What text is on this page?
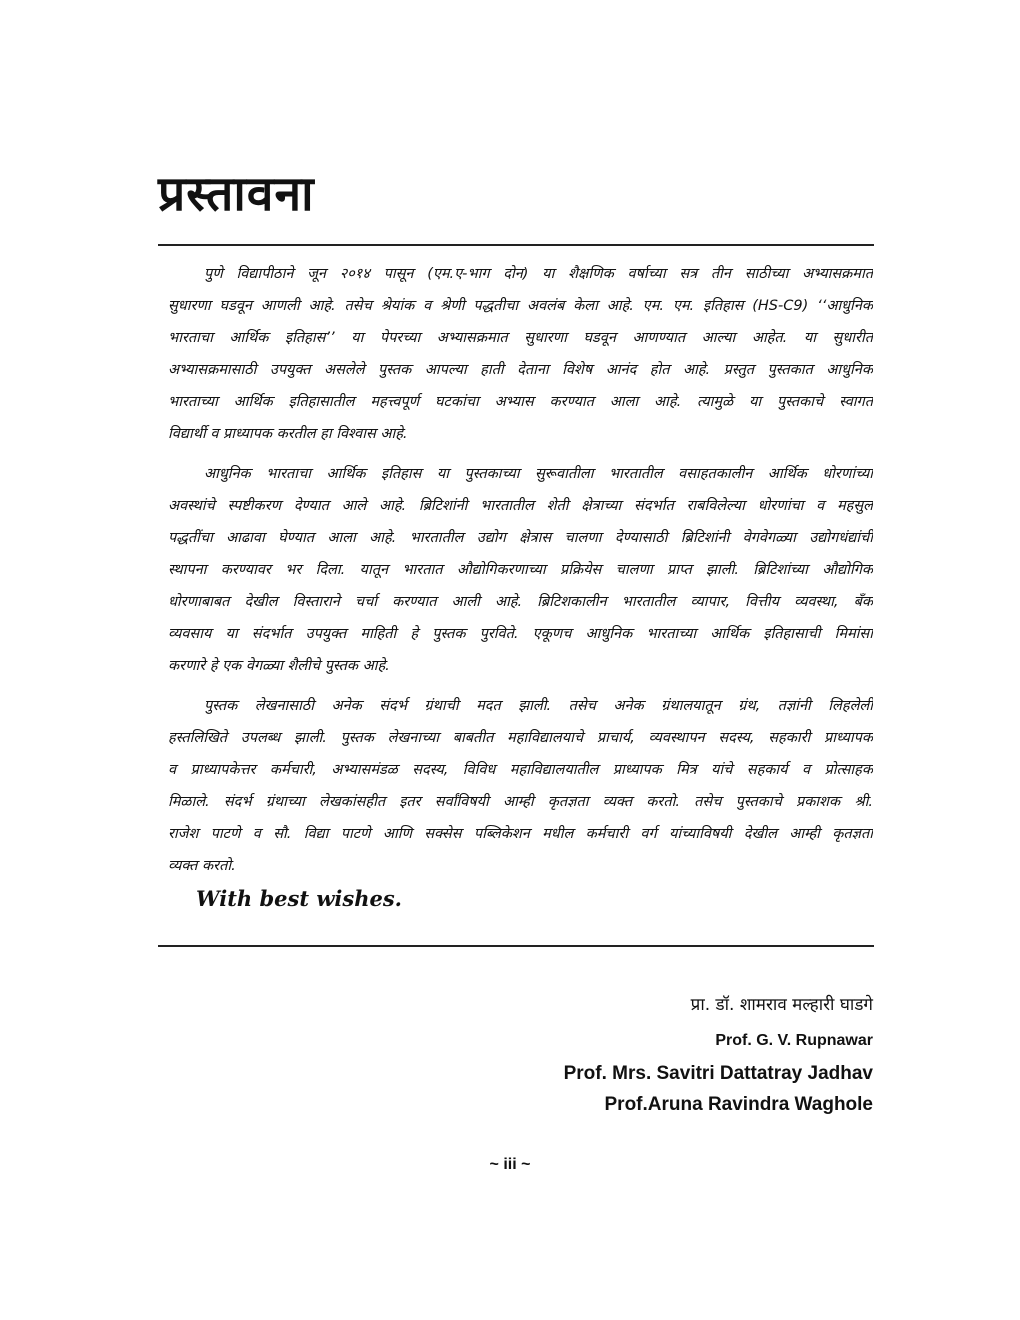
प्रस्तावना
पुणे विद्यापीठाने जून २०१४ पासून (एम.ए-भाग दोन) या शैक्षणिक वर्षाच्या सत्र तीन साठीच्या अभ्यासक्रमात
सुधारणा घडवून आणली आहे. तसेच श्रेयांक व श्रेणी पद्धतीचा अवलंब केला आहे. एम. एम. इतिहास (HS-C9) ‘‘आधुनिक
भारताचा आर्थिक इतिहास’’ या पेपरच्या अभ्यासक्रमात सुधारणा घडवून आणण्यात आल्या आहेत. या सुधारीत
अभ्यासक्रमासाठी उपयुक्त असलेले पुस्तक आपल्या हाती देताना विशेष आनंद होत आहे. प्रस्तुत पुस्तकात आधुनिक
भारताच्या आर्थिक इतिहासातील महत्त्वपूर्ण घटकांचा अभ्यास करण्यात आला आहे. त्यामुळे या पुस्तकाचे स्वागत
विद्यार्थी व प्राध्यापक करतील हा विश्वास आहे.
आधुनिक भारताचा आर्थिक इतिहास या पुस्तकाच्या सुरूवातीला भारतातील वसाहतकालीन आर्थिक धोरणांच्या
अवस्थांचे स्पष्टीकरण देण्यात आले आहे. ब्रिटिशांनी भारतातील शेती क्षेत्राच्या संदर्भात राबविलेल्या धोरणांचा व महसुल
पद्धतींचा आढावा घेण्यात आला आहे. भारतातील उद्योग क्षेत्रास चालणा देण्यासाठी ब्रिटिशांनी वेगवेगळ्या उद्योगधंद्यांची
स्थापना करण्यावर भर दिला. यातून भारतात औद्योगिकरणाच्या प्रक्रियेस चालणा प्राप्त झाली. ब्रिटिशांच्या औद्योगिक
धोरणाबाबत देखील विस्ताराने चर्चा करण्यात आली आहे. ब्रिटिशकालीन भारतातील व्यापार, वित्तीय व्यवस्था, बँक
व्यवसाय या संदर्भात उपयुक्त माहिती हे पुस्तक पुरविते. एकूणच आधुनिक भारताच्या आर्थिक इतिहासाची मिमांसा
करणारे हे एक वेगळ्या शैलीचे पुस्तक आहे.
पुस्तक लेखनासाठी अनेक संदर्भ ग्रंथाची मदत झाली. तसेच अनेक ग्रंथालयातून ग्रंथ, तज्ञांनी लिहलेली
हस्तलिखिते उपलब्ध झाली. पुस्तक लेखनाच्या बाबतीत महाविद्यालयाचे प्राचार्य, व्यवस्थापन सदस्य, सहकारी प्राध्यापक
व प्राध्यापकेत्तर कर्मचारी, अभ्यासमंडळ सदस्य, विविध महाविद्यालयातील प्राध्यापक मित्र यांचे सहकार्य व प्रोत्साहक
मिळाले. संदर्भ ग्रंथाच्या लेखकांसहीत इतर सर्वांविषयी आम्ही कृतज्ञता व्यक्त करतो. तसेच पुस्तकाचे प्रकाशक श्री.
राजेश पाटणे व सौ. विद्या पाटणे आणि सक्सेस पब्लिकेशन मधील कर्मचारी वर्ग यांच्याविषयी देखील आम्ही कृतज्ञता
व्यक्त करतो.
With best wishes.
प्रा. डॉ. शामराव मल्हारी घाडगे
Prof. G. V. Rupnawar
Prof. Mrs. Savitri Dattatray Jadhav
Prof.Aruna Ravindra Waghole
~ iii ~
